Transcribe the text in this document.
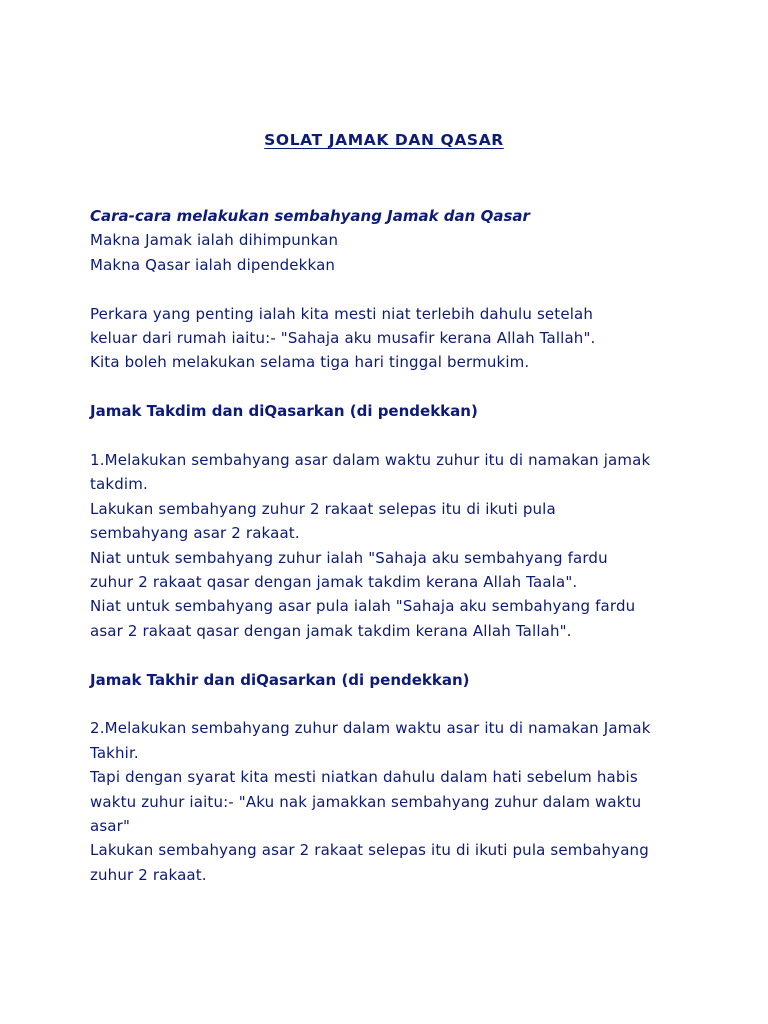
SOLAT JAMAK DAN QASAR
Cara-cara melakukan sembahyang Jamak dan Qasar
Makna Jamak ialah dihimpunkan
Makna Qasar ialah dipendekkan
Perkara yang penting ialah kita mesti niat terlebih dahulu setelah
keluar dari rumah iaitu:- "Sahaja aku musafir kerana Allah Tallah".
Kita boleh melakukan selama tiga hari tinggal bermukim.
Jamak Takdim dan diQasarkan (di pendekkan)
1.Melakukan sembahyang asar dalam waktu zuhur itu di namakan jamak
takdim.
Lakukan sembahyang zuhur 2 rakaat selepas itu di ikuti pula
sembahyang asar 2 rakaat.
Niat untuk sembahyang zuhur ialah "Sahaja aku sembahyang fardu
zuhur 2 rakaat qasar dengan jamak takdim kerana Allah Taala".
Niat untuk sembahyang asar pula ialah "Sahaja aku sembahyang fardu
asar 2 rakaat qasar dengan jamak takdim kerana Allah Tallah".
Jamak Takhir dan diQasarkan (di pendekkan)
2.Melakukan sembahyang zuhur dalam waktu asar itu di namakan Jamak
Takhir.
Tapi dengan syarat kita mesti niatkan dahulu dalam hati sebelum habis
waktu zuhur iaitu:- "Aku nak jamakkan sembahyang zuhur dalam waktu
asar"
Lakukan sembahyang asar 2 rakaat selepas itu di ikuti pula sembahyang
zuhur 2 rakaat.
